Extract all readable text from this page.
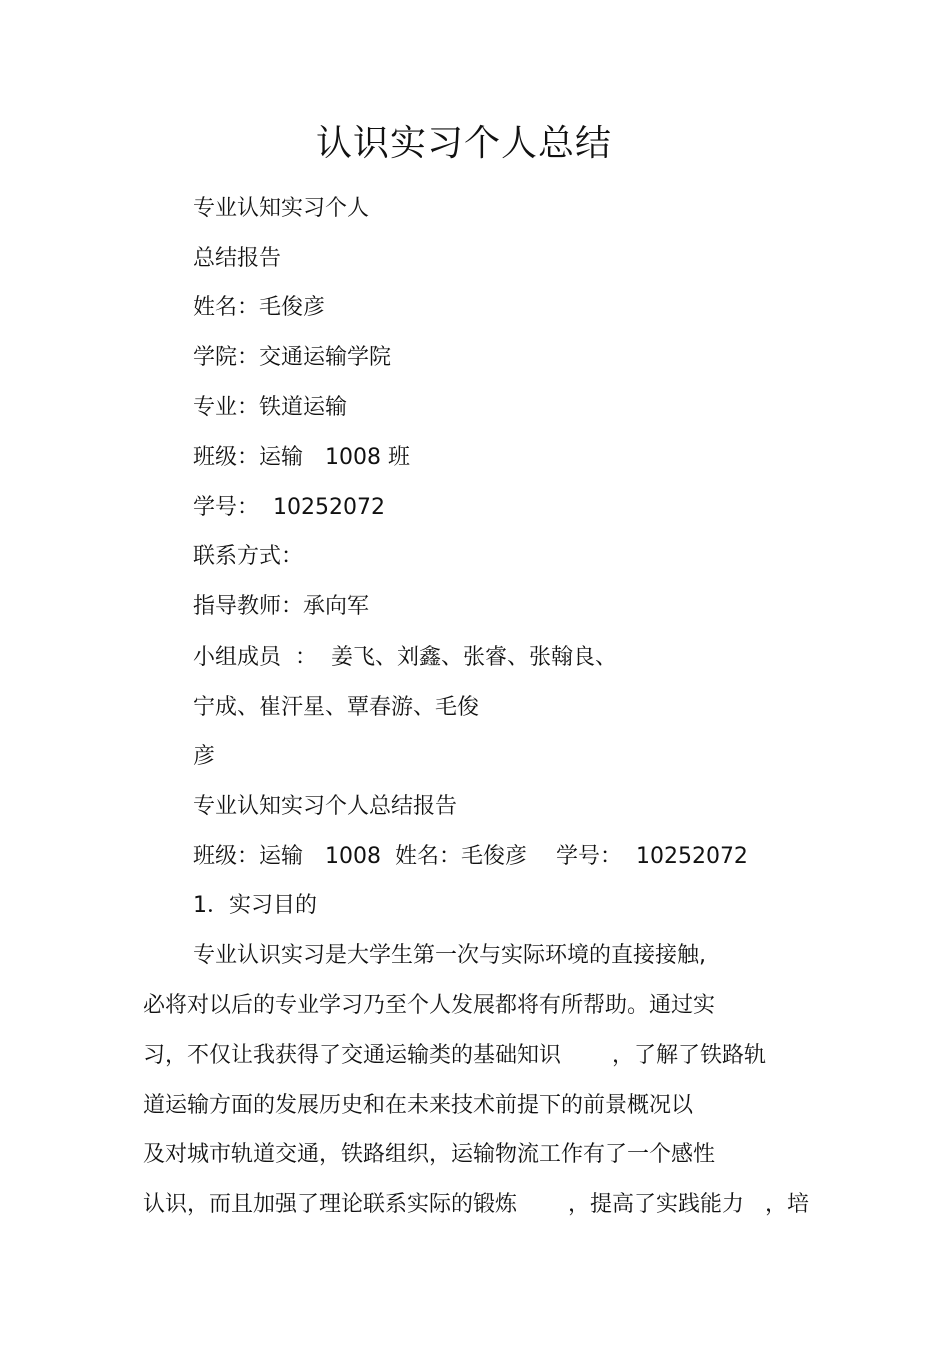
认识实习个人总结
专业认知实习个人
总结报告
姓名：毛俊彦
学院：交通运输学院
专业：铁道运输
班级：运输　1008 班
学号：  10252072
联系方式：
指导教师：承向军
小组成员  ：  姜飞、刘鑫、张睿、张翰良、
宁成、崔汗星、覃春游、毛俊
彦
专业认知实习个人总结报告
班级：运输　1008  姓名：毛俊彦　 学号：  10252072
1．实习目的
专业认识实习是大学生第一次与实际环境的直接接触,
必将对以后的专业学习乃至个人发展都将有所帮助。通过实
习，不仅让我获得了交通运输类的基础知识　　 ，了解了铁路轨
道运输方面的发展历史和在未来技术前提下的前景概况以
及对城市轨道交通，铁路组织，运输物流工作有了一个感性
认识，而且加强了理论联系实际的锻炼　　 ，提高了实践能力   ，培
